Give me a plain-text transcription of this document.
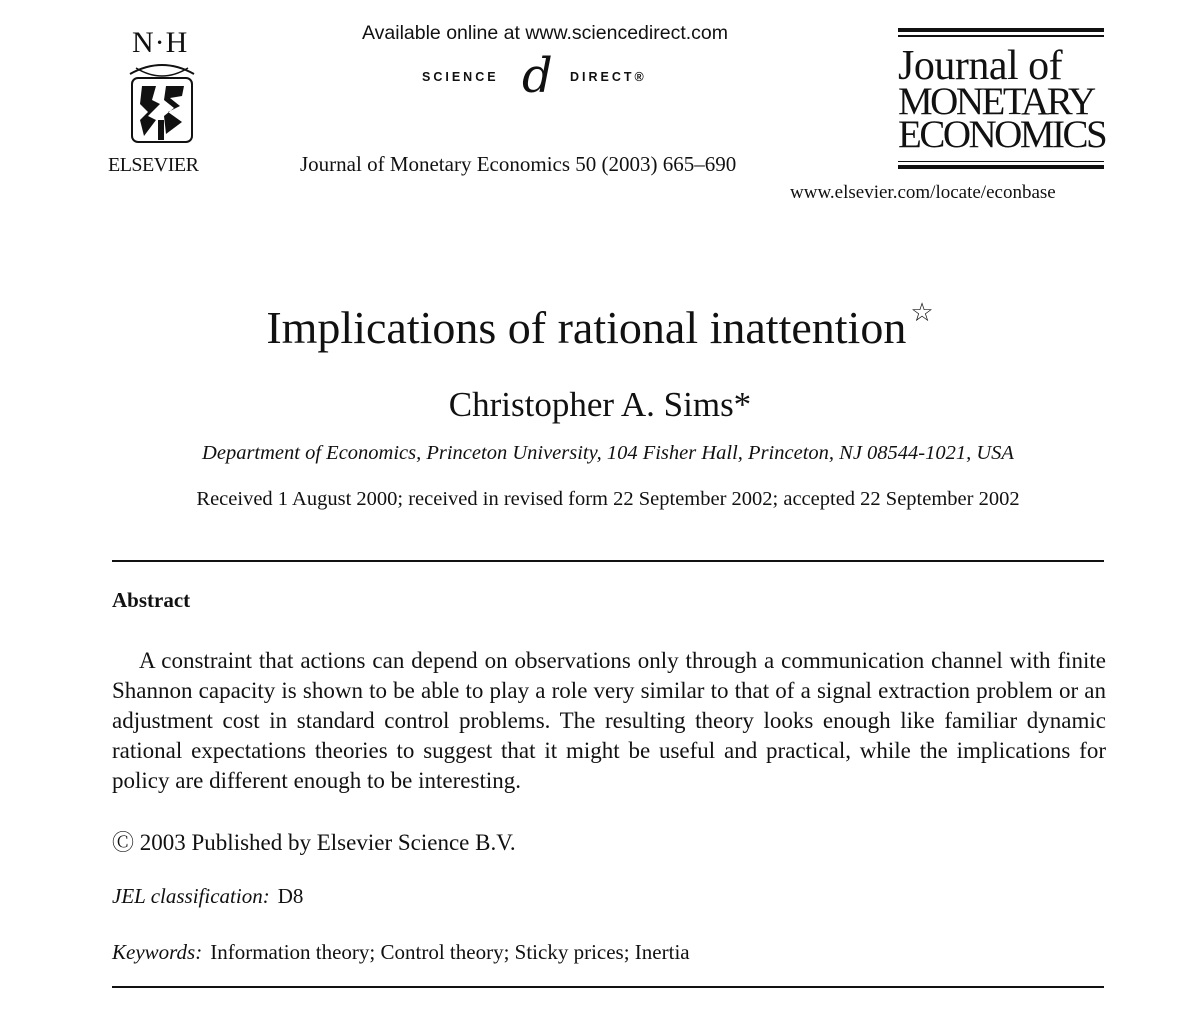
N·H
ELSEVIER
Available online at www.sciencedirect.com
SCIENCE d DIRECT®
Journal of Monetary Economics 50 (2003) 665–690
Journal of
MONETARY
ECONOMICS
www.elsevier.com/locate/econbase
Implications of rational inattention ☆
Christopher A. Sims*
Department of Economics, Princeton University, 104 Fisher Hall, Princeton, NJ 08544-1021, USA
Received 1 August 2000; received in revised form 22 September 2002; accepted 22 September 2002
Abstract

A constraint that actions can depend on observations only through a communication channel with finite Shannon capacity is shown to be able to play a role very similar to that of a signal extraction problem or an adjustment cost in standard control problems. The resulting theory looks enough like familiar dynamic rational expectations theories to suggest that it might be useful and practical, while the implications for policy are different enough to be interesting.

Ⓒ 2003 Published by Elsevier Science B.V.
JEL classification: D8
Keywords: Information theory; Control theory; Sticky prices; Inertia
